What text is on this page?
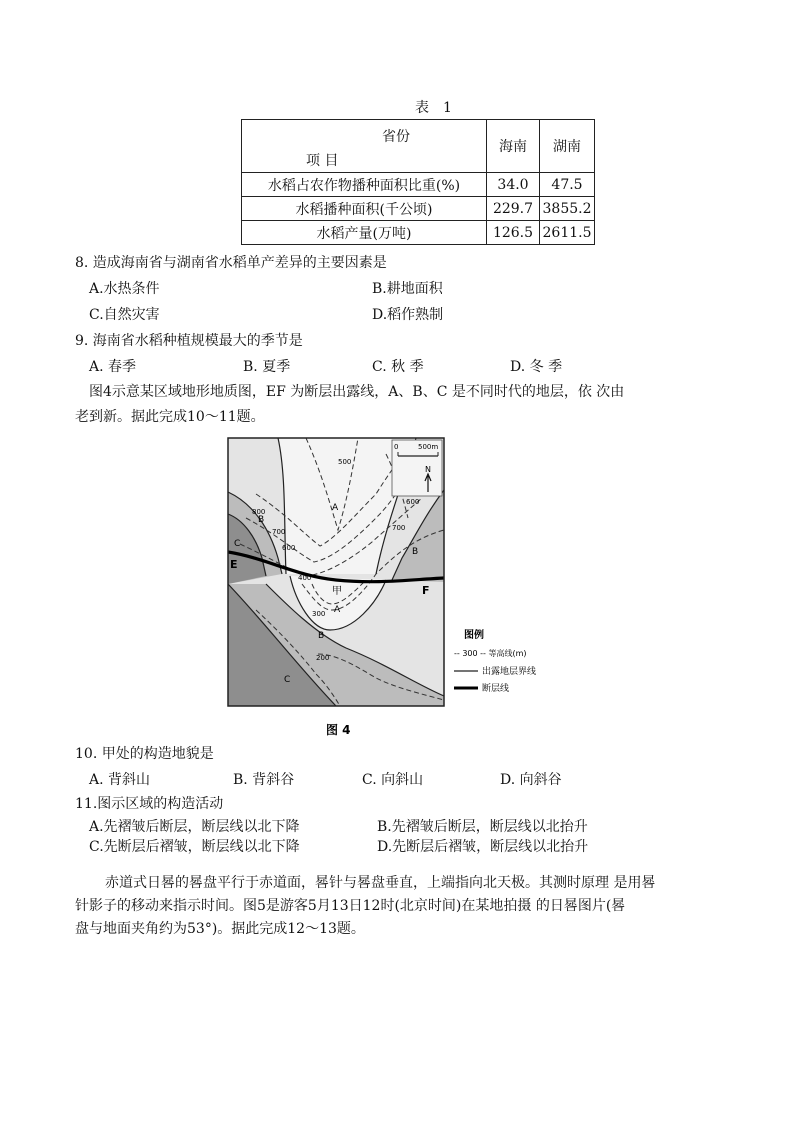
表　1
省份
项 目	海南	湖南
水稻占农作物播种面积比重(%)	34.0	47.5
水稻播种面积(千公顷)	229.7	3855.2
水稻产量(万吨)	126.5	2611.5
8. 造成海南省与湖南省水稻单产差异的主要因素是
A.水热条件	B.耕地面积
C.自然灾害	D.稻作熟制
9. 海南省水稻种植规模最大的季节是
A. 春季	B. 夏季	C. 秋 季	D. 冬 季
图4示意某区域地形地质图，EF 为断层出露线，A、B、C 是不同时代的地层，依 次由
老到新。据此完成10～11题。
0	500m
N
A
A
B
B
B
C
C
500
800
700
600
400
300
200
700
600
E
F
甲
图例
-- 300 -- 等高线(m)
出露地层界线
断层线
图 4
10. 甲处的构造地貌是
A. 背斜山	B. 背斜谷	C. 向斜山	D. 向斜谷
11.图示区域的构造活动
A.先褶皱后断层，断层线以北下降	B.先褶皱后断层，断层线以北抬升
C.先断层后褶皱，断层线以北下降	D.先断层后褶皱，断层线以北抬升
赤道式日晷的晷盘平行于赤道面，晷针与晷盘垂直，上端指向北天极。其测时原理 是用晷
针影子的移动来指示时间。图5是游客5月13日12时(北京时间)在某地拍摄 的日晷图片(晷
盘与地面夹角约为53°)。据此完成12～13题。
